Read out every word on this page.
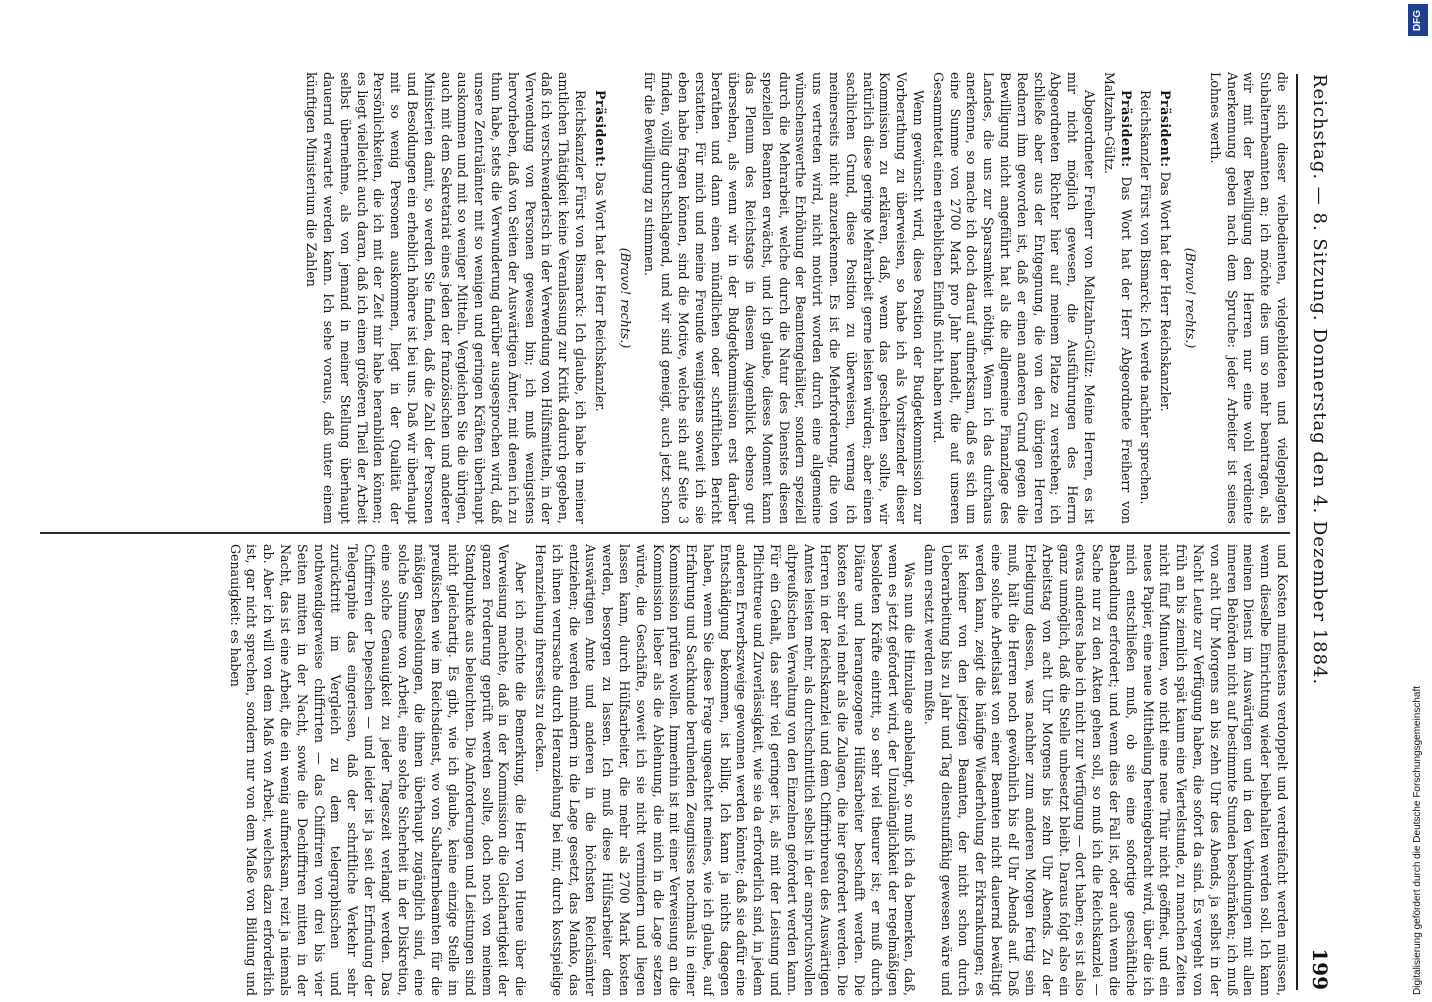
Reichstag. — 8. Sitzung. Donnerstag den 4. Dezember 1884.
199

die sich dieser vielbedienten, vielgebildeten und vielgeplagten Subalternbeamten an; ich möchte dies um so mehr beantragen, als wir mit der Bewilligung den Herren nur eine wohl verdiente Anerkennung geben nach dem Spruche: jeder Arbeiter ist seines Lohnes werth.

(Bravo! rechts.)

Präsident: Das Wort hat der Herr Reichskanzler.

Reichskanzler Fürst von Bismarck: Ich werde nachher sprechen.

Präsident: Das Wort hat der Herr Abgeordnete Freiherr von Maltzahn-Gültz.

Abgeordneter Freiherr von Maltzahn-Gültz: Meine Herren, es ist mir nicht möglich gewesen, die Ausführungen des Herrn Abgeordneten Richter hier auf meinem Platze zu verstehen; ich schließe aber aus der Entgegnung, die von den übrigen Herren Rednern ihm geworden ist, daß er einen anderen Grund gegen die Bewilligung nicht angeführt hat als die allgemeine Finanzlage des Landes, die uns zur Sparsamkeit nöthigt. Wenn ich das durchaus anerkenne, so mache ich doch darauf aufmerksam, daß es sich um eine Summe von 2700 Mark pro Jahr handelt, die auf unseren Gesammtetat einen erheblichen Einfluß nicht haben wird.

Wenn gewünscht wird, diese Position der Budgetkommission zur Vorberathung zu überweisen, so habe ich als Vorsitzender dieser Kommission zu erklären, daß, wenn das geschehen sollte, wir natürlich diese geringe Mehrarbeit gerne leisten würden; aber einen sachlichen Grund, diese Position zu überweisen, vermag ich meinerseits nicht anzuerkennen. Es ist die Mehrforderung, die von uns vertreten wird, nicht motivirt worden durch eine allgemeine wünschenswerthe Erhöhung der Beamtengehälter, sondern speziell durch die Mehrarbeit, welche durch die Natur des Dienstes diesen speziellen Beamten erwächst, und ich glaube, dieses Moment kann das Plenum des Reichstags in diesem Augenblick ebenso gut übersehen, als wenn wir in der Budgetkommission erst darüber berathen und dann einen mündlichen oder schriftlichen Bericht erstatten. Für mich und meine Freunde wenigstens soweit ich sie eben habe fragen können, sind die Motive, welche sich auf Seite 3 finden, völlig durchschlagend, und wir sind geneigt, auch jetzt schon für die Bewilligung zu stimmen.

(Bravo! rechts.)

Präsident: Das Wort hat der Herr Reichskanzler.

Reichskanzler Fürst von Bismarck: Ich glaube, ich habe in meiner amtlichen Thätigkeit keine Veranlassung zur Kritik dadurch gegeben, daß ich verschwenderisch in der Verwendung von Hülfsmitteln, in der Verwendung von Personen gewesen bin; ich muß wenigstens hervorheben, daß von Seiten der Auswärtigen Ämter, mit denen ich zu thun habe, stets die Verwunderung darüber ausgesprochen wird, daß unsere Zentralämter mit so wenigen und geringen Kräften überhaupt auskommen und mit so weniger Mitteln. Vergleichen Sie die übrigen, auch mit dem Sekretariat eines jeden der französischen und anderer Ministerien damit, so werden Sie finden, daß die Zahl der Personen und Besoldungen ein erheblich höhere ist bei uns. Daß wir überhaupt mit so wenig Personen auskommen, liegt in der Qualität der Persönlichkeiten, die ich mit der Zeit mir habe heranbilden können; es liegt vielleicht auch daran, daß ich einen größeren Theil der Arbeit selbst übernehme, als von jemand in meiner Stellung überhaupt dauernd erwartet werden kann. Ich sehe voraus, daß unter einem künftigen Ministerium die Zahlen

und Kosten mindestens verdoppelt und verdreifacht werden müssen, wenn dieselbe Einrichtung wieder beibehalten werden soll. Ich kann meinen Dienst im Auswärtigen und in den Verbindungen mit allen inneren Behörden nicht auf bestimmte Stunden beschränken; ich muß von acht Uhr Morgens an bis zehn Uhr des Abends, ja selbst in der Nacht Leute zur Verfügung haben, die sofort da sind. Es vergeht von früh an bis ziemlich spät kaum eine Viertelstunde, zu manchen Zeiten nicht fünf Minuten, wo nicht eine neue Thür nicht geöffnet, und ein neues Papier, eine neue Mittheilung hereingebracht wird, über die ich mich entschließen muß, ob sie eine sofortige geschäftliche Behandlung erfordert; und wenn dies der Fall ist, oder auch wenn die Sache nur zu den Akten gehen soll, so muß ich die Reichskanzlei — etwas anderes habe ich nicht zur Verfügung — dort haben; es ist also ganz unmöglich, daß die Stelle unbesetzt bleibt. Daraus folgt also ein Arbeitstag von acht Uhr Morgens bis zehn Uhr Abends. Zu der Erledigung dessen, was nachher zum anderen Morgen fertig sein muß, hält die Herren noch gewöhnlich bis elf Uhr Abends auf. Daß eine solche Arbeitslast von einer Beamten nicht dauernd bewältigt werden kann, zeigt die häufige Wiederholung der Erkrankungen; es ist keiner von den jetzigen Beamten, der nicht schon durch Ueberarbeitung bis zu Jahr und Tag dienstunfähig gewesen wäre und dann ersetzt werden mußte.

Was nun die Hinzulage anbelangt, so muß ich da bemerken, daß, wenn es jetzt gefordert wird, der Unzulänglichkeit der regelmäßigen besoldeten Kräfte eintritt, so sehr viel theurer ist; er muß durch Diätare und herangezogene Hülfsarbeiter beschafft werden. Die kosten sehr viel mehr als die Zulagen, die hier gefordert werden. Die Herren in der Reichskanzlei und dem Chiffrirbureau des Auswärtigen Amtes leisten mehr, als durchschnittlich selbst in der anspruchsvollen altpreußischen Verwaltung von den Einzelnen gefordert werden kann. Für ein Gehalt, das sehr viel geringer ist, als mit der Leistung und Pflichttreue und Zuverlässigkeit, wie sie da erforderlich sind, in jedem anderen Erwerbszweige gewonnen werden könnte; daß sie dafür eine Entschädigung bekommen, ist billig. Ich kann ja nichts dagegen haben, wenn Sie diese Frage ungeachtet meines, wie ich glaube, auf Erfahrung und Sachkunde beruhenden Zeugnisses nochmals in einer Kommission prüfen wollen. Immerhin ist mit einer Verweisung an die Kommission lieber als die Ablehnung, die mich in die Lage setzen würde, die Geschäfte, soweit ich sie nicht vermindern und liegen lassen kann, durch Hülfsarbeiter, die mehr als 2700 Mark kosten werden, besorgen zu lassen. Ich muß diese Hülfsarbeiter dem Auswärtigen Amte und anderen in die höchsten Reichsämter entziehen; die werden mindern in die Lage gesetzt, das Manko, das ich ihnen verursache durch Heranziehung bei mir, durch kostspielige Heranziehung ihrerseits zu decken.

Aber ich möchte die Bemerkung, die Herr von Huene über die Verweisung machte, daß in der Kommission die Gleichartigkeit der ganzen Forderung geprüft werden sollte, doch noch von meinem Standpunkte aus beleuchten. Die Anforderungen und Leistungen sind nicht gleichartig. Es gibt, wie ich glaube, keine einzige Stelle im preußischen wie im Reichsdienst, wo von Subalternbeamten für die mäßigen Besoldungen, die ihnen überhaupt zugänglich sind, eine solche Summe von Arbeit, eine solche Sicherheit in der Diskretion, eine solche Genauigkeit zu jeder Tageszeit verlangt werden. Das Chiffriren der Depeschen — und leider ist ja seit der Erfindung der Telegraphie das eingerissen, daß der schriftliche Verkehr sehr zurücktritt im Vergleich zu dem telegraphischen und nothwendigerweise chiffrirten — das Chiffriren von drei bis vier Seiten mitten in der Nacht, sowie die Dechiffriren mitten in der Nacht, das ist eine Arbeit, die ein wenig aufmerksam, reizt ja niemals ab. Aber ich will von dem Maß von Arbeit, welches dazu erforderlich ist, gar nicht sprechen, sondern nur von dem Maße von Bildung und Genauigkeit: es haben

Digitalisierung gefördert durch die Deutsche Forschungsgemeinschaft
DFG
